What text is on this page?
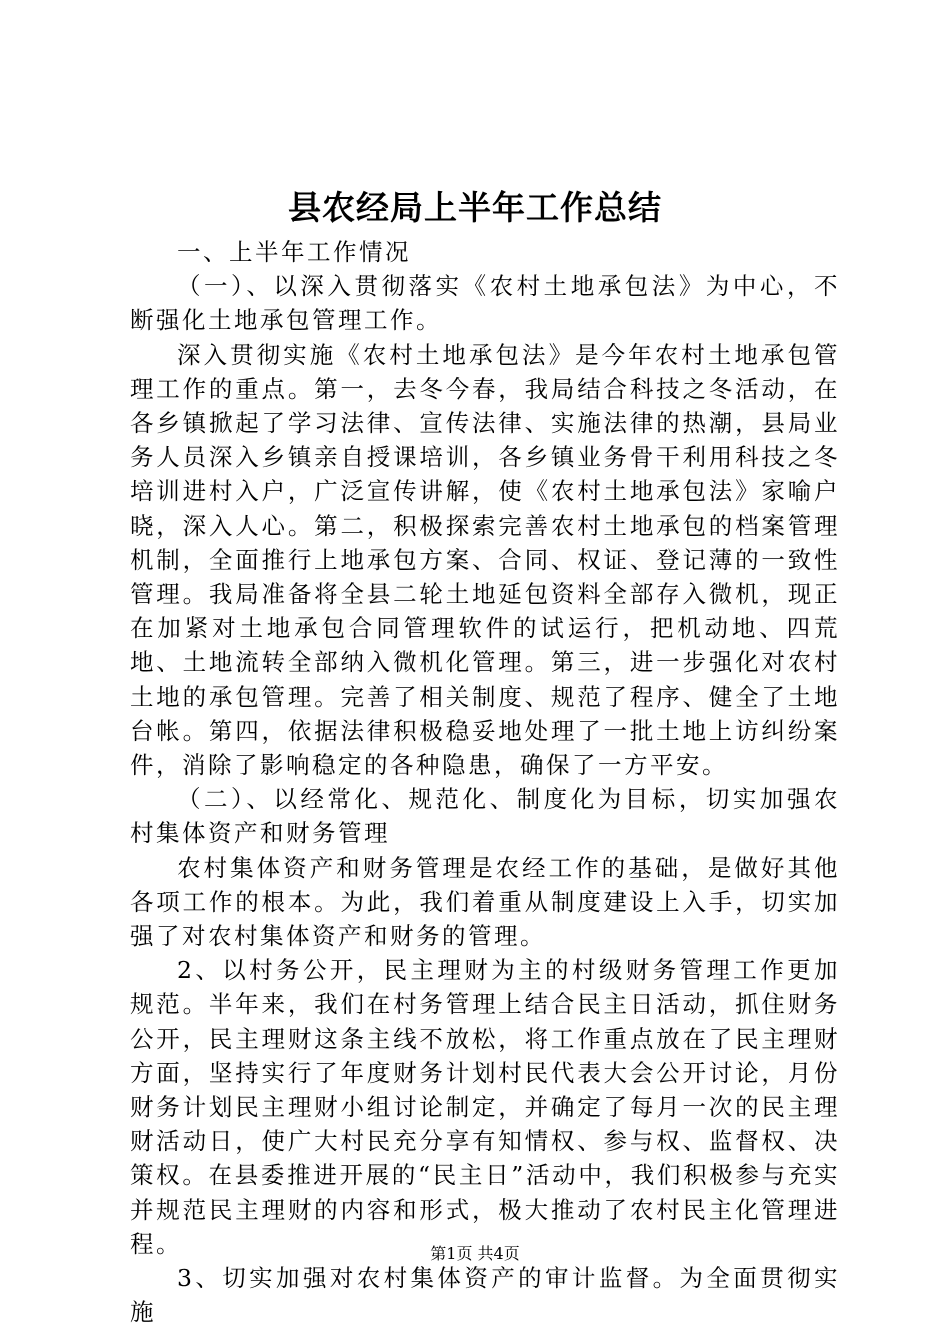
县农经局上半年工作总结

一、上半年工作情况

（一）、以深入贯彻落实《农村土地承包法》为中心，不断强化土地承包管理工作。

深入贯彻实施《农村土地承包法》是今年农村土地承包管理工作的重点。第一，去冬今春，我局结合科技之冬活动，在各乡镇掀起了学习法律、宣传法律、实施法律的热潮，县局业务人员深入乡镇亲自授课培训，各乡镇业务骨干利用科技之冬培训进村入户，广泛宣传讲解，使《农村土地承包法》家喻户晓，深入人心。第二，积极探索完善农村土地承包的档案管理机制，全面推行上地承包方案、合同、权证、登记薄的一致性管理。我局准备将全县二轮土地延包资料全部存入微机，现正在加紧对土地承包合同管理软件的试运行，把机动地、四荒地、土地流转全部纳入微机化管理。第三，进一步强化对农村土地的承包管理。完善了相关制度、规范了程序、健全了土地台帐。第四，依据法律积极稳妥地处理了一批土地上访纠纷案件，消除了影响稳定的各种隐患，确保了一方平安。

（二）、以经常化、规范化、制度化为目标，切实加强农村集体资产和财务管理

农村集体资产和财务管理是农经工作的基础，是做好其他各项工作的根本。为此，我们着重从制度建设上入手，切实加强了对农村集体资产和财务的管理。

2、以村务公开，民主理财为主的村级财务管理工作更加规范。半年来，我们在村务管理上结合民主日活动，抓住财务公开，民主理财这条主线不放松，将工作重点放在了民主理财方面，坚持实行了年度财务计划村民代表大会公开讨论，月份财务计划民主理财小组讨论制定，并确定了每月一次的民主理财活动日，使广大村民充分享有知情权、参与权、监督权、决策权。在县委推进开展的“民主日”活动中，我们积极参与充实并规范民主理财的内容和形式，极大推动了农村民主化管理进程。

3、切实加强对农村集体资产的审计监督。为全面贯彻实施

第1页 共4页
